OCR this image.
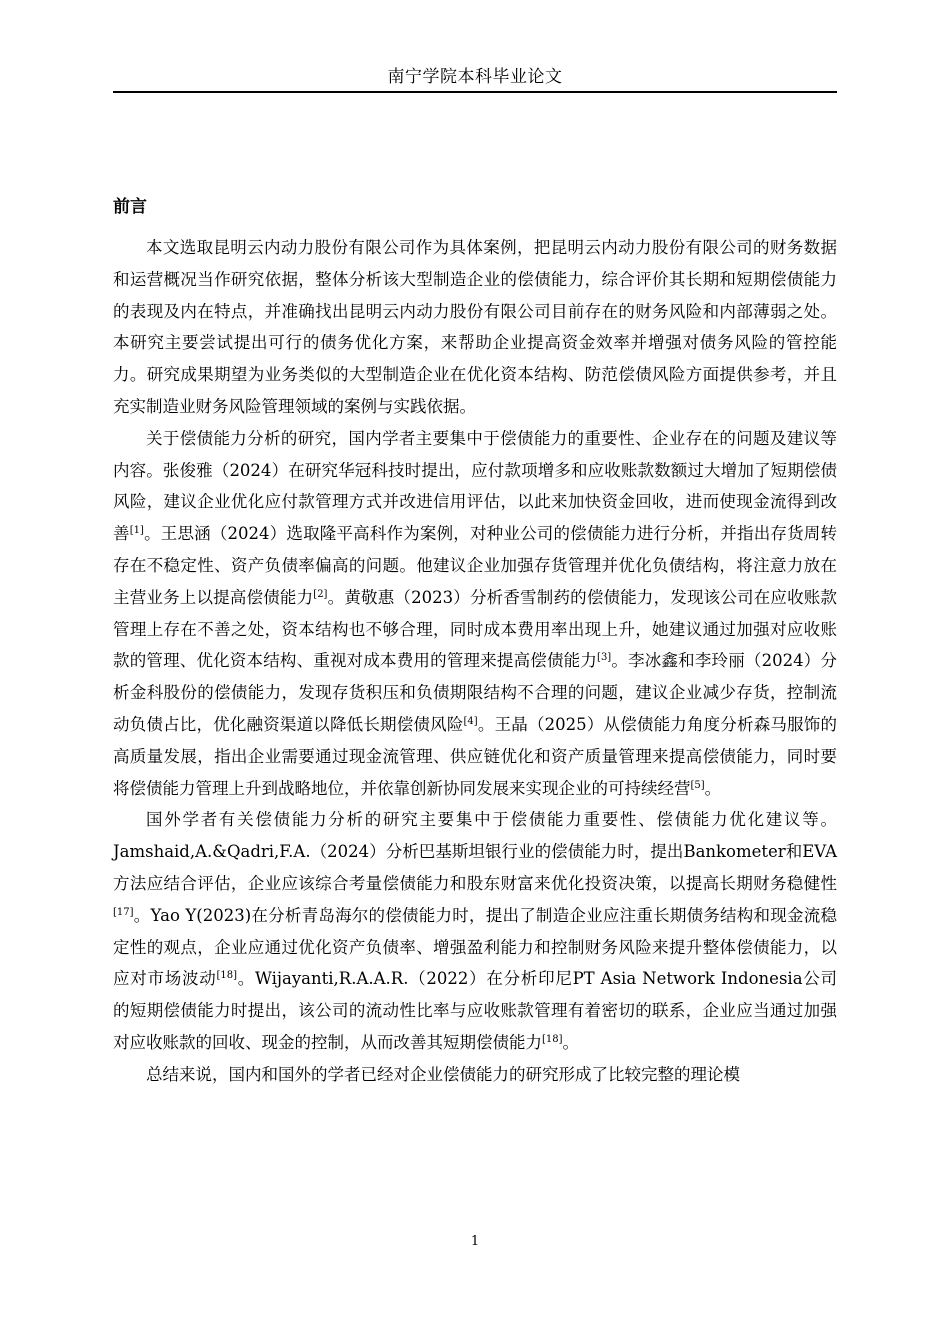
南宁学院本科毕业论文
前言

本文选取昆明云内动力股份有限公司作为具体案例，把昆明云内动力股份有限公司的财务数据和运营概况当作研究依据，整体分析该大型制造企业的偿债能力，综合评价其长期和短期偿债能力的表现及内在特点，并准确找出昆明云内动力股份有限公司目前存在的财务风险和内部薄弱之处。本研究主要尝试提出可行的债务优化方案，来帮助企业提高资金效率并增强对债务风险的管控能力。研究成果期望为业务类似的大型制造企业在优化资本结构、防范偿债风险方面提供参考，并且充实制造业财务风险管理领域的案例与实践依据。

关于偿债能力分析的研究，国内学者主要集中于偿债能力的重要性、企业存在的问题及建议等内容。张俊雅（2024）在研究华冠科技时提出，应付款项增多和应收账款数额过大增加了短期偿债风险，建议企业优化应付款管理方式并改进信用评估，以此来加快资金回收，进而使现金流得到改善[1]。王思涵（2024）选取隆平高科作为案例，对种业公司的偿债能力进行分析，并指出存货周转存在不稳定性、资产负债率偏高的问题。他建议企业加强存货管理并优化负债结构，将注意力放在主营业务上以提高偿债能力[2]。黄敬惠（2023）分析香雪制药的偿债能力，发现该公司在应收账款管理上存在不善之处，资本结构也不够合理，同时成本费用率出现上升，她建议通过加强对应收账款的管理、优化资本结构、重视对成本费用的管理来提高偿债能力[3]。李冰鑫和李玲丽（2024）分析金科股份的偿债能力，发现存货积压和负债期限结构不合理的问题，建议企业减少存货，控制流动负债占比，优化融资渠道以降低长期偿债风险[4]。王晶（2025）从偿债能力角度分析森马服饰的高质量发展，指出企业需要通过现金流管理、供应链优化和资产质量管理来提高偿债能力，同时要将偿债能力管理上升到战略地位，并依靠创新协同发展来实现企业的可持续经营[5]。

国外学者有关偿债能力分析的研究主要集中于偿债能力重要性、偿债能力优化建议等。Jamshaid,A.&Qadri,F.A.（2024）分析巴基斯坦银行业的偿债能力时，提出Bankometer和EVA方法应结合评估，企业应该综合考量偿债能力和股东财富来优化投资决策，以提高长期财务稳健性[17]。Yao Y(2023)在分析青岛海尔的偿债能力时，提出了制造企业应注重长期债务结构和现金流稳定性的观点，企业应通过优化资产负债率、增强盈利能力和控制财务风险来提升整体偿债能力，以应对市场波动[18]。Wijayanti,R.A.A.R.（2022）在分析印尼PT Asia Network Indonesia公司的短期偿债能力时提出，该公司的流动性比率与应收账款管理有着密切的联系，企业应当通过加强对应收账款的回收、现金的控制，从而改善其短期偿债能力[18]。

总结来说，国内和国外的学者已经对企业偿债能力的研究形成了比较完整的理论模

1
